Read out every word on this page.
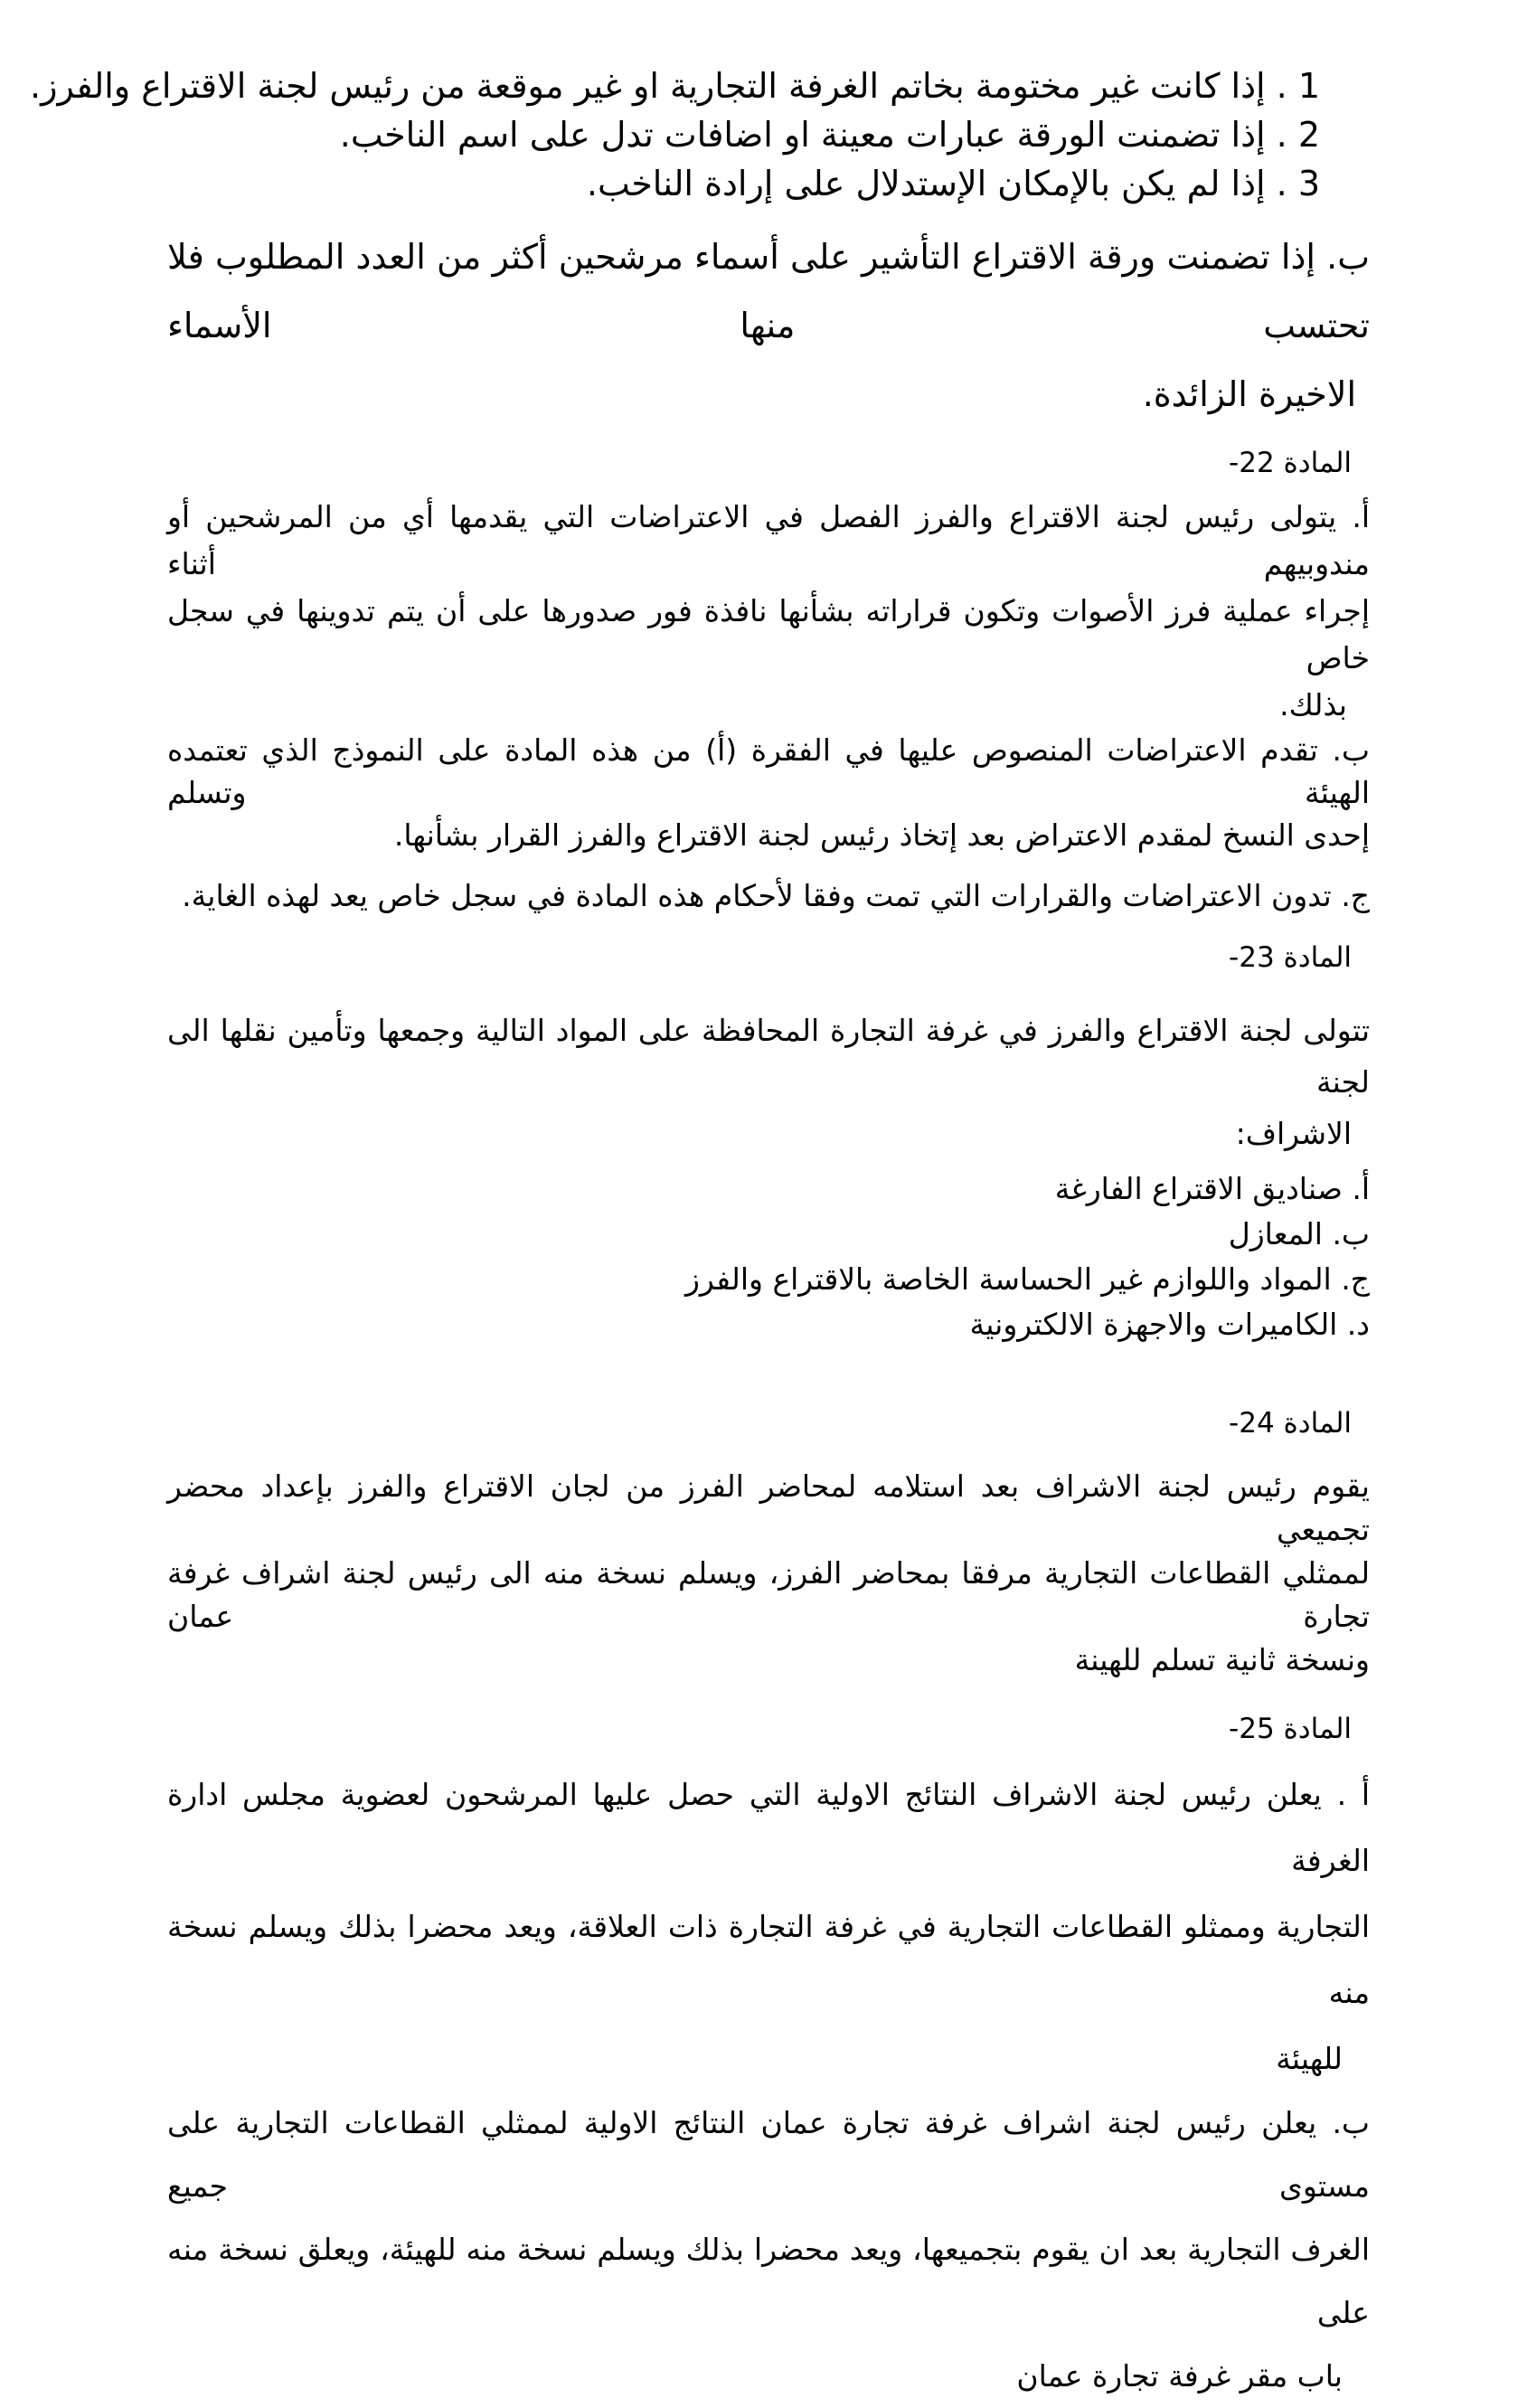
1 . إذا كانت غير مختومة بخاتم الغرفة التجارية او غير موقعة من رئيس لجنة الاقتراع والفرز.
2 . إذا تضمنت الورقة عبارات معينة او اضافات تدل على اسم الناخب.
3 . إذا لم يكن بالإمكان الإستدلال على إرادة الناخب.
ب. إذا تضمنت ورقة الاقتراع التأشير على أسماء مرشحين أكثر من العدد المطلوب فلا تحتسب منها الأسماء
الاخيرة الزائدة.
المادة 22-
أ. يتولى رئيس لجنة الاقتراع والفرز الفصل في الاعتراضات التي يقدمها أي من المرشحين أو مندوبيهم أثناء
إجراء عملية فرز الأصوات وتكون قراراته بشأنها نافذة فور صدورها على أن يتم تدوينها في سجل خاص
بذلك.
ب. تقدم الاعتراضات المنصوص عليها في الفقرة (أ) من هذه المادة على النموذج الذي تعتمده الهيئة وتسلم
إحدى النسخ لمقدم الاعتراض بعد إتخاذ رئيس لجنة الاقتراع والفرز القرار بشأنها.
ج. تدون الاعتراضات والقرارات التي تمت وفقا لأحكام هذه المادة في سجل خاص يعد لهذه الغاية.
المادة 23-
تتولى لجنة الاقتراع والفرز في غرفة التجارة المحافظة على المواد التالية وجمعها وتأمين نقلها الى لجنة
الاشراف:
أ. صناديق الاقتراع الفارغة
ب. المعازل
ج. المواد واللوازم غير الحساسة الخاصة بالاقتراع والفرز
د. الكاميرات والاجهزة الالكترونية
المادة 24-
يقوم رئيس لجنة الاشراف بعد استلامه لمحاضر الفرز من لجان الاقتراع والفرز بإعداد محضر تجميعي
لممثلي القطاعات التجارية مرفقا بمحاضر الفرز، ويسلم نسخة منه الى رئيس لجنة اشراف غرفة تجارة عمان
ونسخة ثانية تسلم للهينة
المادة 25-
أ . يعلن رئيس لجنة الاشراف النتائج الاولية التي حصل عليها المرشحون لعضوية مجلس ادارة الغرفة
التجارية وممثلو القطاعات التجارية في غرفة التجارة ذات العلاقة، ويعد محضرا بذلك ويسلم نسخة منه
للهيئة
ب. يعلن رئيس لجنة اشراف غرفة تجارة عمان النتائج الاولية لممثلي القطاعات التجارية على مستوى جميع
الغرف التجارية بعد ان يقوم بتجميعها، ويعد محضرا بذلك ويسلم نسخة منه للهيئة، ويعلق نسخة منه على
باب مقر غرفة تجارة عمان
